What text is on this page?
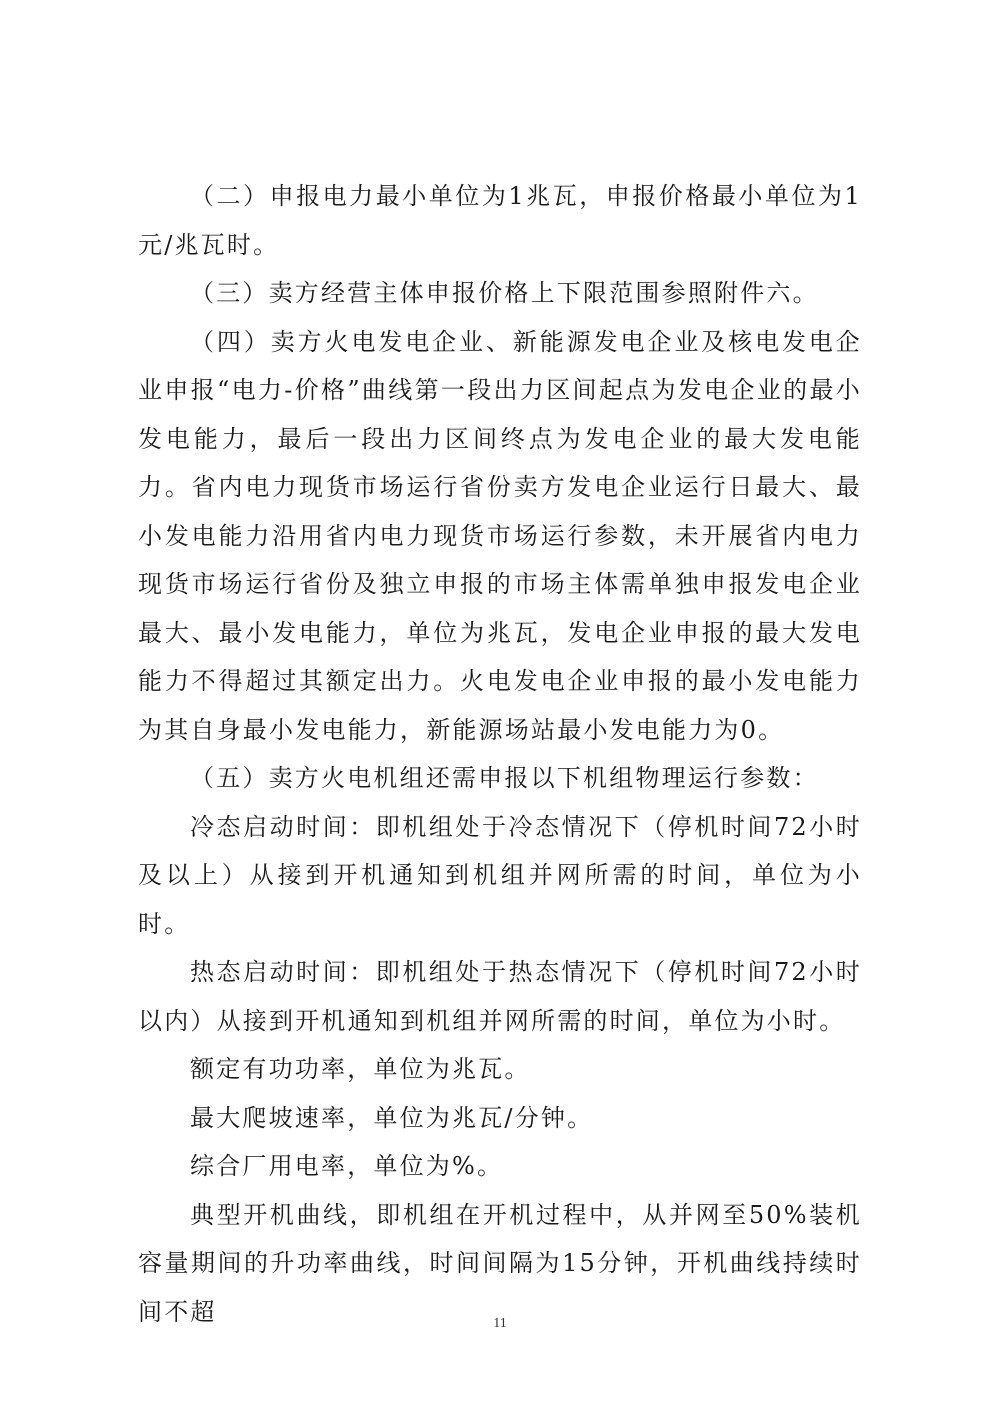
（二）申报电力最小单位为1兆瓦，申报价格最小单位为1元/兆瓦时。

（三）卖方经营主体申报价格上下限范围参照附件六。

（四）卖方火电发电企业、新能源发电企业及核电发电企业申报“电力-价格”曲线第一段出力区间起点为发电企业的最小发电能力，最后一段出力区间终点为发电企业的最大发电能力。省内电力现货市场运行省份卖方发电企业运行日最大、最小发电能力沿用省内电力现货市场运行参数，未开展省内电力现货市场运行省份及独立申报的市场主体需单独申报发电企业最大、最小发电能力，单位为兆瓦，发电企业申报的最大发电能力不得超过其额定出力。火电发电企业申报的最小发电能力为其自身最小发电能力，新能源场站最小发电能力为0。

（五）卖方火电机组还需申报以下机组物理运行参数：

冷态启动时间：即机组处于冷态情况下（停机时间72小时及以上）从接到开机通知到机组并网所需的时间，单位为小时。

热态启动时间：即机组处于热态情况下（停机时间72小时以内）从接到开机通知到机组并网所需的时间，单位为小时。

额定有功功率，单位为兆瓦。

最大爬坡速率，单位为兆瓦/分钟。

综合厂用电率，单位为%。

典型开机曲线，即机组在开机过程中，从并网至50%装机容量期间的升功率曲线，时间间隔为15分钟，开机曲线持续时间不超	11
